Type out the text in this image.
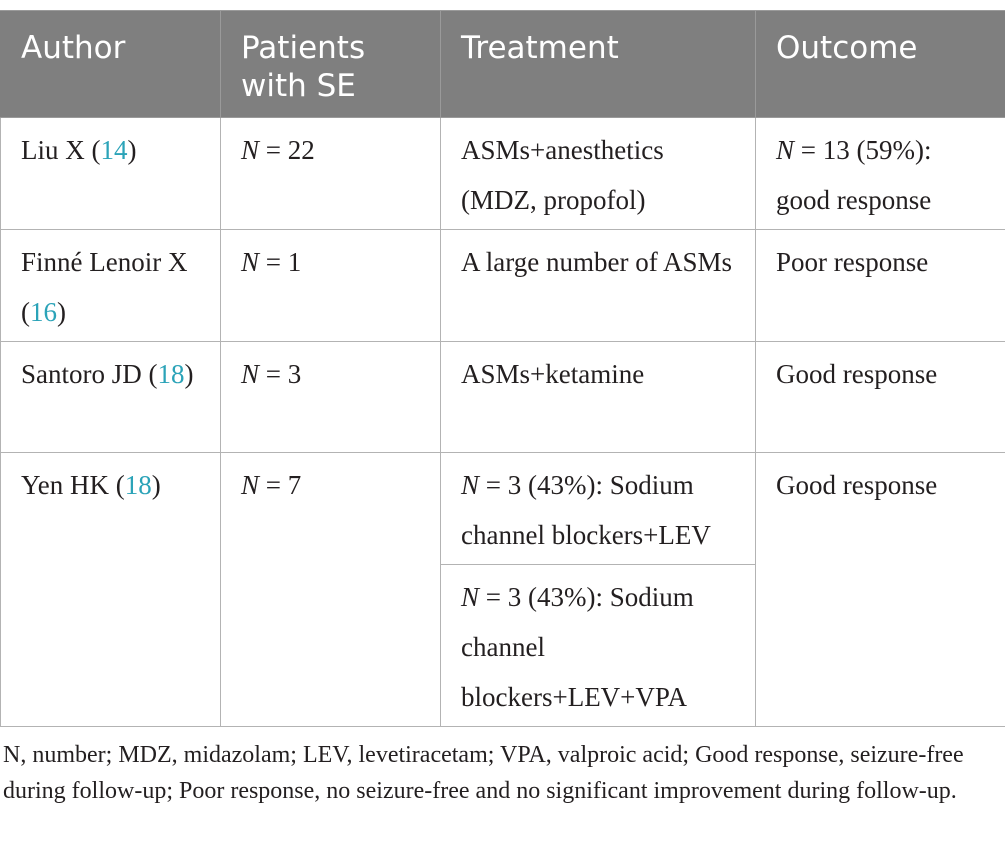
Author	Patients with SE	Treatment	Outcome
Liu X (14)	N = 22	ASMs+anesthetics (MDZ, propofol)	N = 13 (59%): good response
Finné Lenoir X (16)	N = 1	A large number of ASMs	Poor response
Santoro JD (18)	N = 3	ASMs+ketamine	Good response
Yen HK (18)	N = 7	N = 3 (43%): Sodium channel blockers+LEV	Good response
		N = 3 (43%): Sodium channel blockers+LEV+VPA	
N, number; MDZ, midazolam; LEV, levetiracetam; VPA, valproic acid; Good response, seizure-free during follow-up; Poor response, no seizure-free and no significant improvement during follow-up.
